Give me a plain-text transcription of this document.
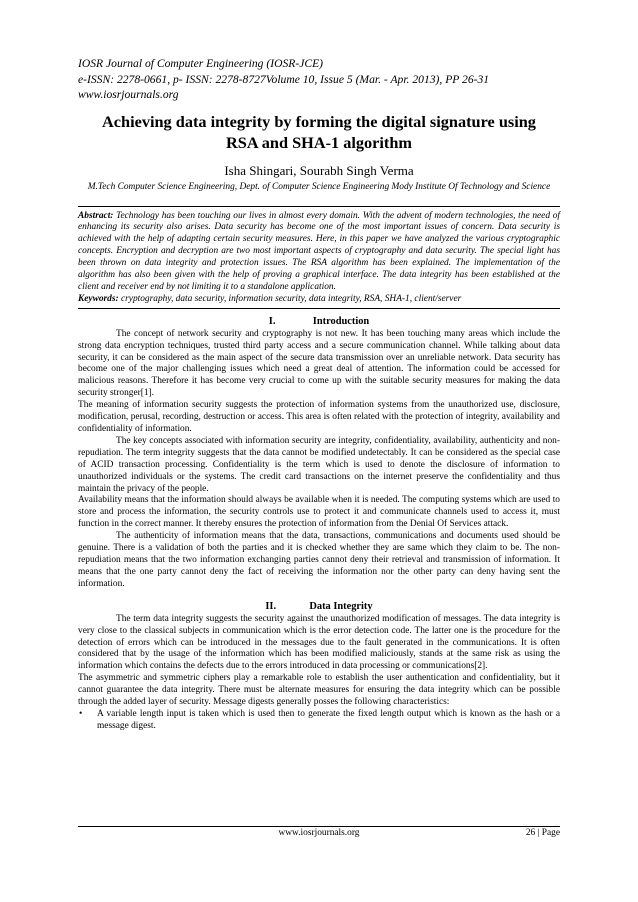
IOSR Journal of Computer Engineering (IOSR-JCE)
e-ISSN: 2278-0661, p- ISSN: 2278-8727Volume 10, Issue 5 (Mar. - Apr. 2013), PP 26-31
www.iosrjournals.org
Achieving data integrity by forming the digital signature using
RSA and SHA-1 algorithm
Isha Shingari, Sourabh Singh Verma
M.Tech Computer Science Engineering, Dept. of Computer Science Engineering Mody Institute Of Technology and Science
Abstract: Technology has been touching our lives in almost every domain. With the advent of modern technologies, the need of enhancing its security also arises. Data security has become one of the most important issues of concern. Data security is achieved with the help of adapting certain security measures. Here, in this paper we have analyzed the various cryptographic concepts. Encryption and decryption are two most important aspects of cryptography and data security. The special light has been thrown on data integrity and protection issues. The RSA algorithm has been explained. The implementation of the algorithm has also been given with the help of proving a graphical interface. The data integrity has been established at the client and receiver end by not limiting it to a standalone application.
Keywords: cryptography, data security, information security, data integrity, RSA, SHA-1, client/server
I.	Introduction

The concept of network security and cryptography is not new. It has been touching many areas which include the strong data encryption techniques, trusted third party access and a secure communication channel. While talking about data security, it can be considered as the main aspect of the secure data transmission over an unreliable network. Data security has become one of the major challenging issues which need a great deal of attention. The information could be accessed for malicious reasons. Therefore it has become very crucial to come up with the suitable security measures for making the data security stronger[1].

The meaning of information security suggests the protection of information systems from the unauthorized use, disclosure, modification, perusal, recording, destruction or access. This area is often related with the protection of integrity, availability and confidentiality of information.

The key concepts associated with information security are integrity, confidentiality, availability, authenticity and non-repudiation. The term integrity suggests that the data cannot be modified undetectably. It can be considered as the special case of ACID transaction processing. Confidentiality is the term which is used to denote the disclosure of information to unauthorized individuals or the systems. The credit card transactions on the internet preserve the confidentiality and thus maintain the privacy of the people.

Availability means that the information should always be available when it is needed. The computing systems which are used to store and process the information, the security controls use to protect it and communicate channels used to access it, must function in the correct manner. It thereby ensures the protection of information from the Denial Of Services attack.

The authenticity of information means that the data, transactions, communications and documents used should be genuine. There is a validation of both the parties and it is checked whether they are same which they claim to be. The non-repudiation means that the two information exchanging parties cannot deny their retrieval and transmission of information. It means that the one party cannot deny the fact of receiving the information nor the other party can deny having sent the information.

II.	Data Integrity

The term data integrity suggests the security against the unauthorized modification of messages. The data integrity is very close to the classical subjects in communication which is the error detection code. The latter one is the procedure for the detection of errors which can be introduced in the messages due to the fault generated in the communications. It is often considered that by the usage of the information which has been modified maliciously, stands at the same risk as using the information which contains the defects due to the errors introduced in data processing or communications[2].

The asymmetric and symmetric ciphers play a remarkable role to establish the user authentication and confidentiality, but it cannot guarantee the data integrity. There must be alternate measures for ensuring the data integrity which can be possible through the added layer of security. Message digests generally posses the following characteristics:

• A variable length input is taken which is used then to generate the fixed length output which is known as the hash or a message digest.
www.iosrjournals.org	26 | Page
